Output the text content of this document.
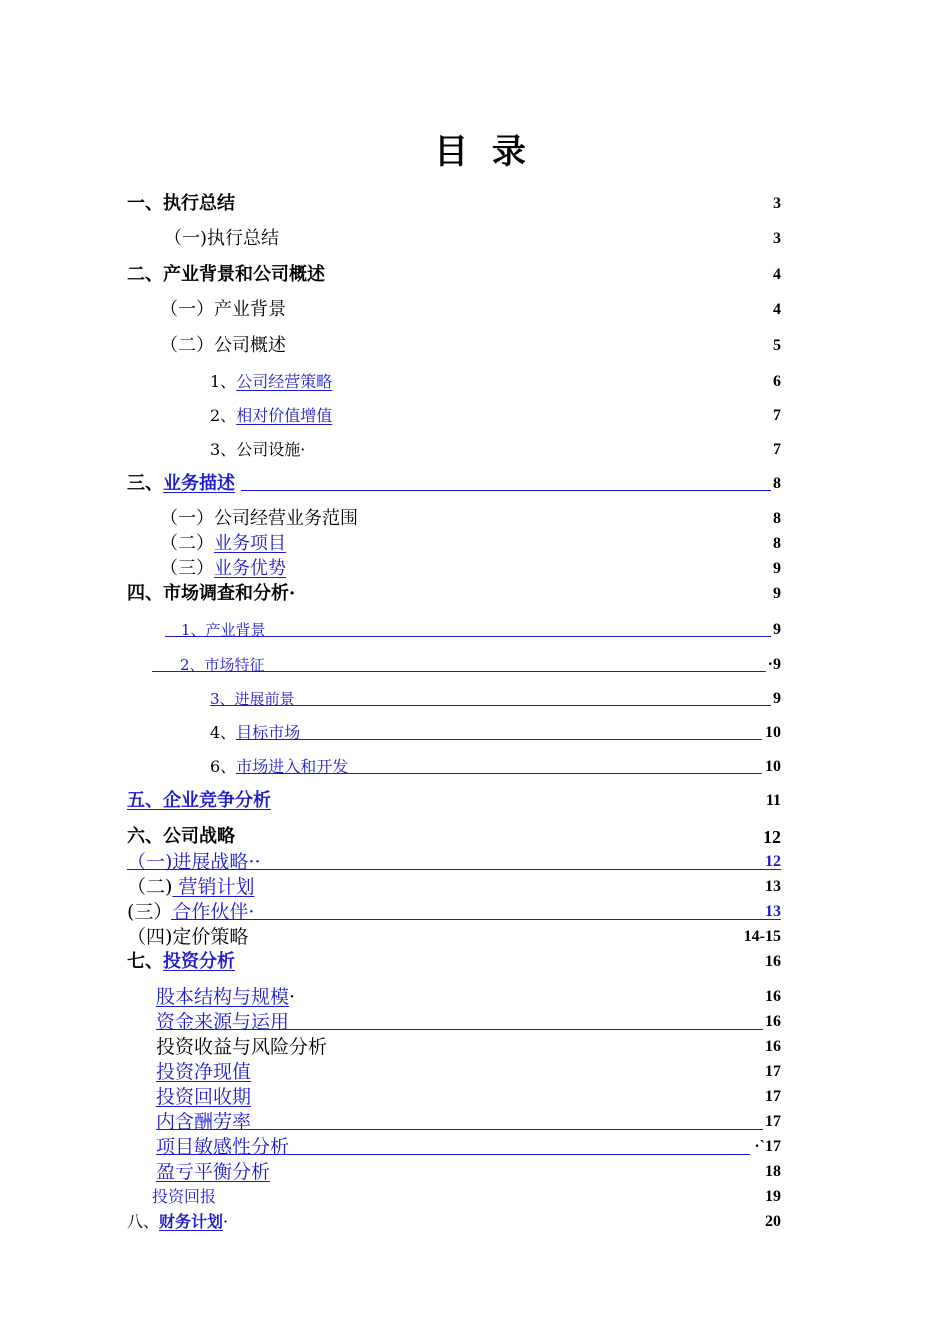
目 录
一、执行总结	3
（一)执行总结	3
二、产业背景和公司概述	4
（一）产业背景	4
（二）公司概述	5
1、公司经营策略	6
2、相对价值增值	7
3、公司设施·	7
三、业务描述	8
（一）公司经营业务范围	8
（二）业务项目	8
（三）业务优势	9
四、市场调查和分析·	9
1、产业背景	9
2、市场特征	·9
3、进展前景	9
4、目标市场	10
6、市场进入和开发	10
五、企业竞争分析	11
六、公司战略	12
（一)进展战略··	12
（二) 营销计划	13
(三）合作伙伴·	13
（四)定价策略	14-15
七、投资分析	16
股本结构与规模·	16
资金来源与运用	16
投资收益与风险分析	16
投资净现值	17
投资回收期	17
内含酬劳率	17
项目敏感性分析	·`17
盈亏平衡分析	18
投资回报	19
八、财务计划·	20
